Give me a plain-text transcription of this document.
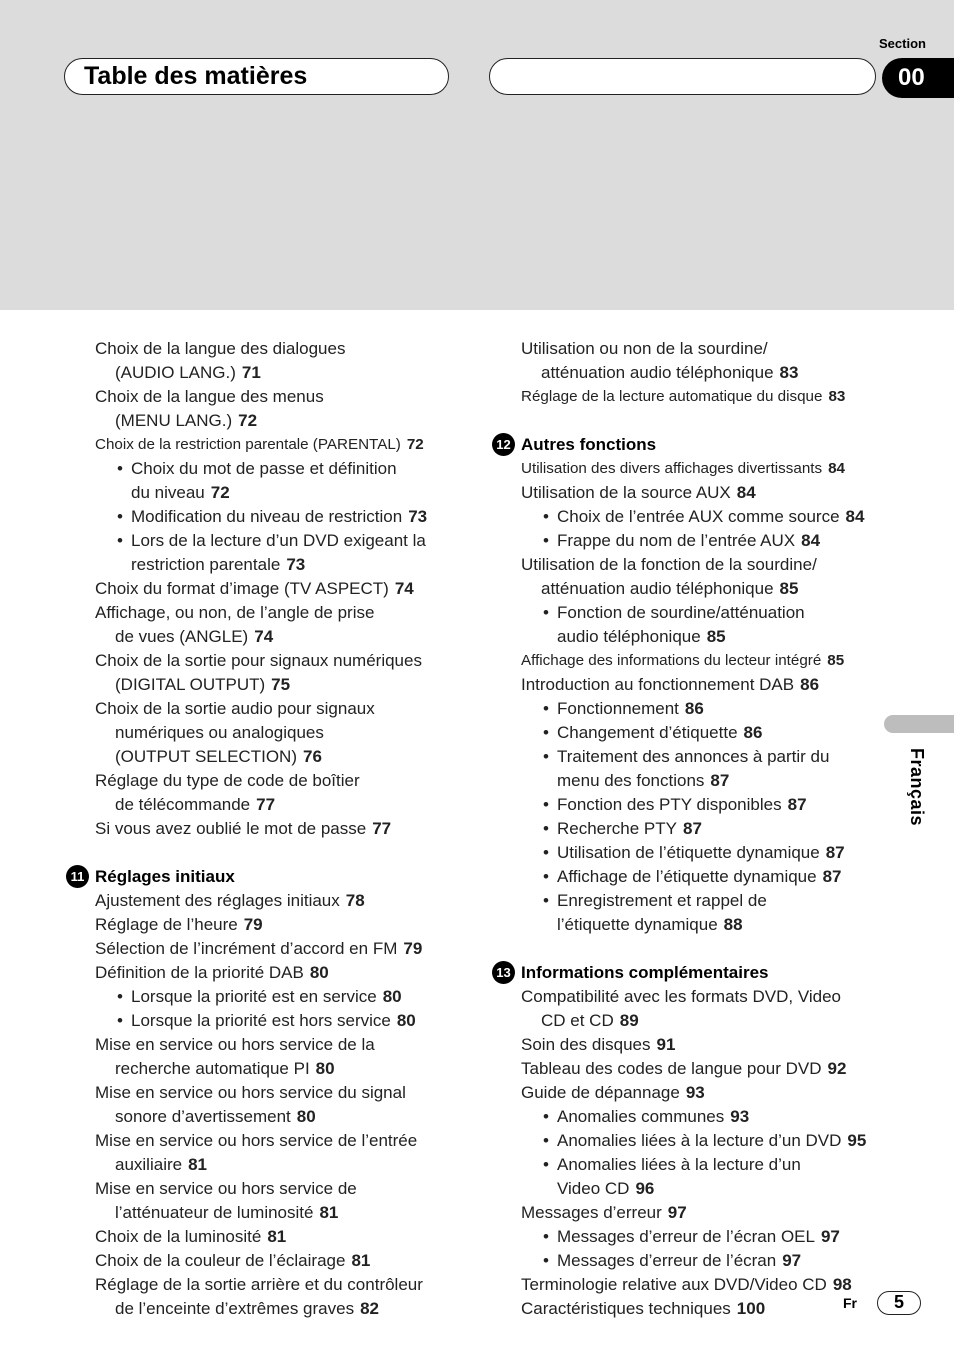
Section
Table des matières	00
Français
Choix de la langue des dialogues
(AUDIO LANG.) 71
Choix de la langue des menus
(MENU LANG.) 72
Choix de la restriction parentale (PARENTAL) 72
• Choix du mot de passe et définition
du niveau 72
• Modification du niveau de restriction 73
• Lors de la lecture d’un DVD exigeant la
restriction parentale 73
Choix du format d’image (TV ASPECT) 74
Affichage, ou non, de l’angle de prise
de vues (ANGLE) 74
Choix de la sortie pour signaux numériques
(DIGITAL OUTPUT) 75
Choix de la sortie audio pour signaux
numériques ou analogiques
(OUTPUT SELECTION) 76
Réglage du type de code de boîtier
de télécommande 77
Si vous avez oublié le mot de passe 77
11 Réglages initiaux
Ajustement des réglages initiaux 78
Réglage de l’heure 79
Sélection de l’incrément d’accord en FM 79
Définition de la priorité DAB 80
• Lorsque la priorité est en service 80
• Lorsque la priorité est hors service 80
Mise en service ou hors service de la
recherche automatique PI 80
Mise en service ou hors service du signal
sonore d’avertissement 80
Mise en service ou hors service de l’entrée
auxiliaire 81
Mise en service ou hors service de
l’atténuateur de luminosité 81
Choix de la luminosité 81
Choix de la couleur de l’éclairage 81
Réglage de la sortie arrière et du contrôleur
de l’enceinte d’extrêmes graves 82
Utilisation ou non de la sourdine/
atténuation audio téléphonique 83
Réglage de la lecture automatique du disque 83
12 Autres fonctions
Utilisation des divers affichages divertissants 84
Utilisation de la source AUX 84
• Choix de l’entrée AUX comme source 84
• Frappe du nom de l’entrée AUX 84
Utilisation de la fonction de la sourdine/
atténuation audio téléphonique 85
• Fonction de sourdine/atténuation
audio téléphonique 85
Affichage des informations du lecteur intégré 85
Introduction au fonctionnement DAB 86
• Fonctionnement 86
• Changement d’étiquette 86
• Traitement des annonces à partir du
menu des fonctions 87
• Fonction des PTY disponibles 87
• Recherche PTY 87
• Utilisation de l’étiquette dynamique 87
• Affichage de l’étiquette dynamique 87
• Enregistrement et rappel de
l’étiquette dynamique 88
13 Informations complémentaires
Compatibilité avec les formats DVD, Video
CD et CD 89
Soin des disques 91
Tableau des codes de langue pour DVD 92
Guide de dépannage 93
• Anomalies communes 93
• Anomalies liées à la lecture d’un DVD 95
• Anomalies liées à la lecture d’un
Video CD 96
Messages d’erreur 97
• Messages d’erreur de l’écran OEL 97
• Messages d’erreur de l’écran 97
Terminologie relative aux DVD/Video CD 98
Caractéristiques techniques 100	Fr	5
